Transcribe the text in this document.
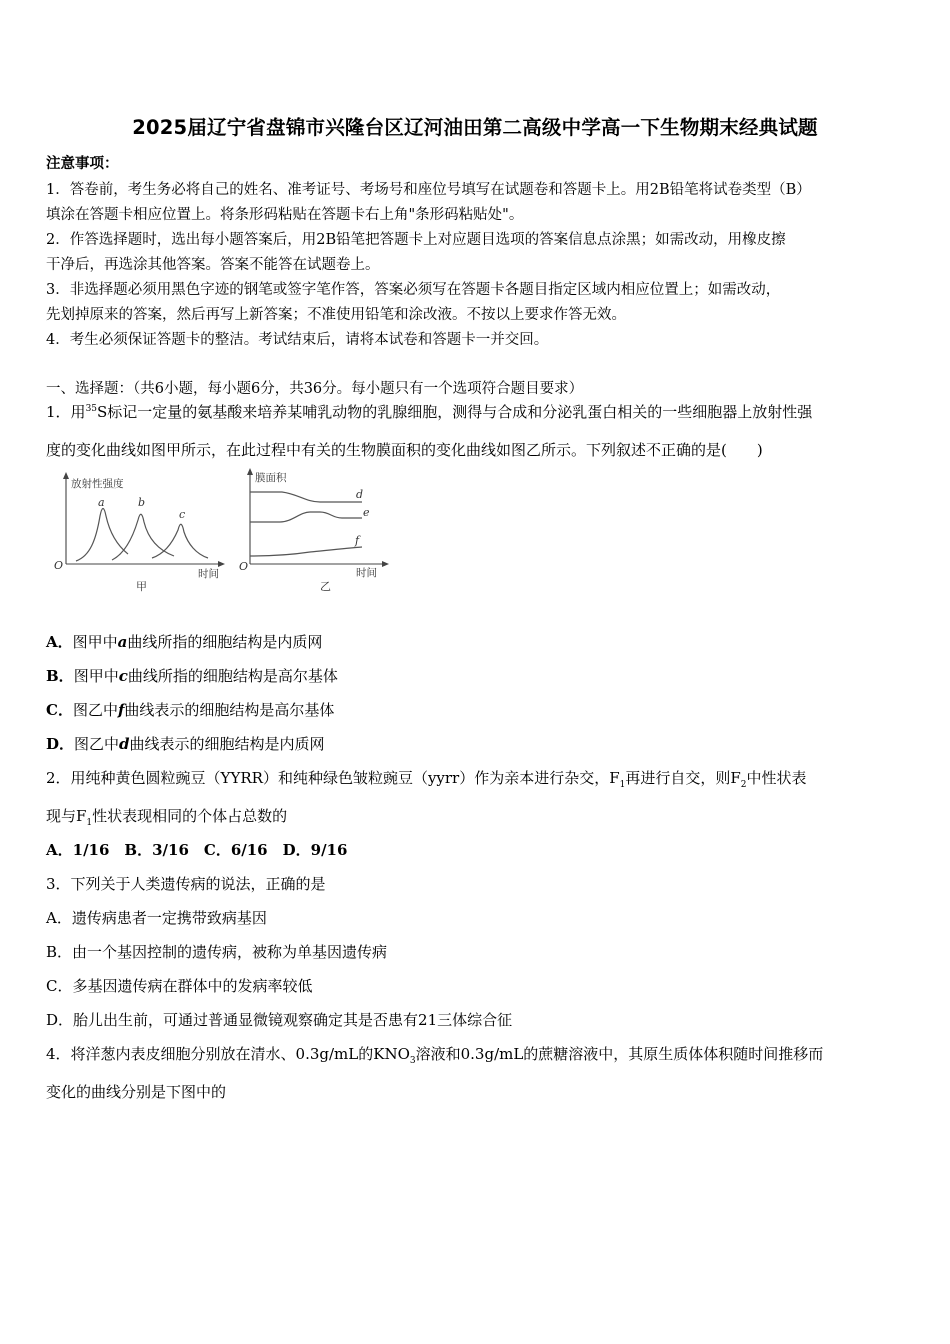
2025届辽宁省盘锦市兴隆台区辽河油田第二高级中学高一下生物期末经典试题
注意事项：
1．答卷前，考生务必将自己的姓名、准考证号、考场号和座位号填写在试题卷和答题卡上。用2B铅笔将试卷类型（B）
填涂在答题卡相应位置上。将条形码粘贴在答题卡右上角"条形码粘贴处"。
2．作答选择题时，选出每小题答案后，用2B铅笔把答题卡上对应题目选项的答案信息点涂黑；如需改动，用橡皮擦
干净后，再选涂其他答案。答案不能答在试题卷上。
3．非选择题必须用黑色字迹的钢笔或签字笔作答，答案必须写在答题卡各题目指定区域内相应位置上；如需改动，
先划掉原来的答案，然后再写上新答案；不准使用铅笔和涂改液。不按以上要求作答无效。
4．考生必须保证答题卡的整洁。考试结束后，请将本试卷和答题卡一并交回。
一、选择题：（共6小题，每小题6分，共36分。每小题只有一个选项符合题目要求）
1．用$^{35}$S标记一定量的氨基酸来培养某哺乳动物的乳腺细胞，测得与合成和分泌乳蛋白相关的一些细胞器上放射性强
度的变化曲线如图甲所示，在此过程中有关的生物膜面积的变化曲线如图乙所示。下列叙述不正确的是(　　)
放射性强度
O
时间
甲
a	b
c
膜面积
O	时间
乙
d
e
f
A．图甲中a曲线所指的细胞结构是内质网
B．图甲中c曲线所指的细胞结构是高尔基体
C．图乙中f曲线表示的细胞结构是高尔基体
D．图乙中d曲线表示的细胞结构是内质网
2．用纯种黄色圆粒豌豆（YYRR）和纯种绿色皱粒豌豆（yyrr）作为亲本进行杂交，$F_1$再进行自交，则$F_2$中性状表
现与$F_1$性状表现相同的个体占总数的
A．1/16　B．3/16　C．6/16　D．9/16
3．下列关于人类遗传病的说法，正确的是
A．遗传病患者一定携带致病基因
B．由一个基因控制的遗传病，被称为单基因遗传病
C．多基因遗传病在群体中的发病率较低
D．胎儿出生前，可通过普通显微镜观察确定其是否患有21三体综合征
4．将洋葱内表皮细胞分别放在清水、0.3g/mL的$KNO_3$溶液和0.3g/mL的蔗糖溶液中，其原生质体体积随时间推移而
变化的曲线分别是下图中的
